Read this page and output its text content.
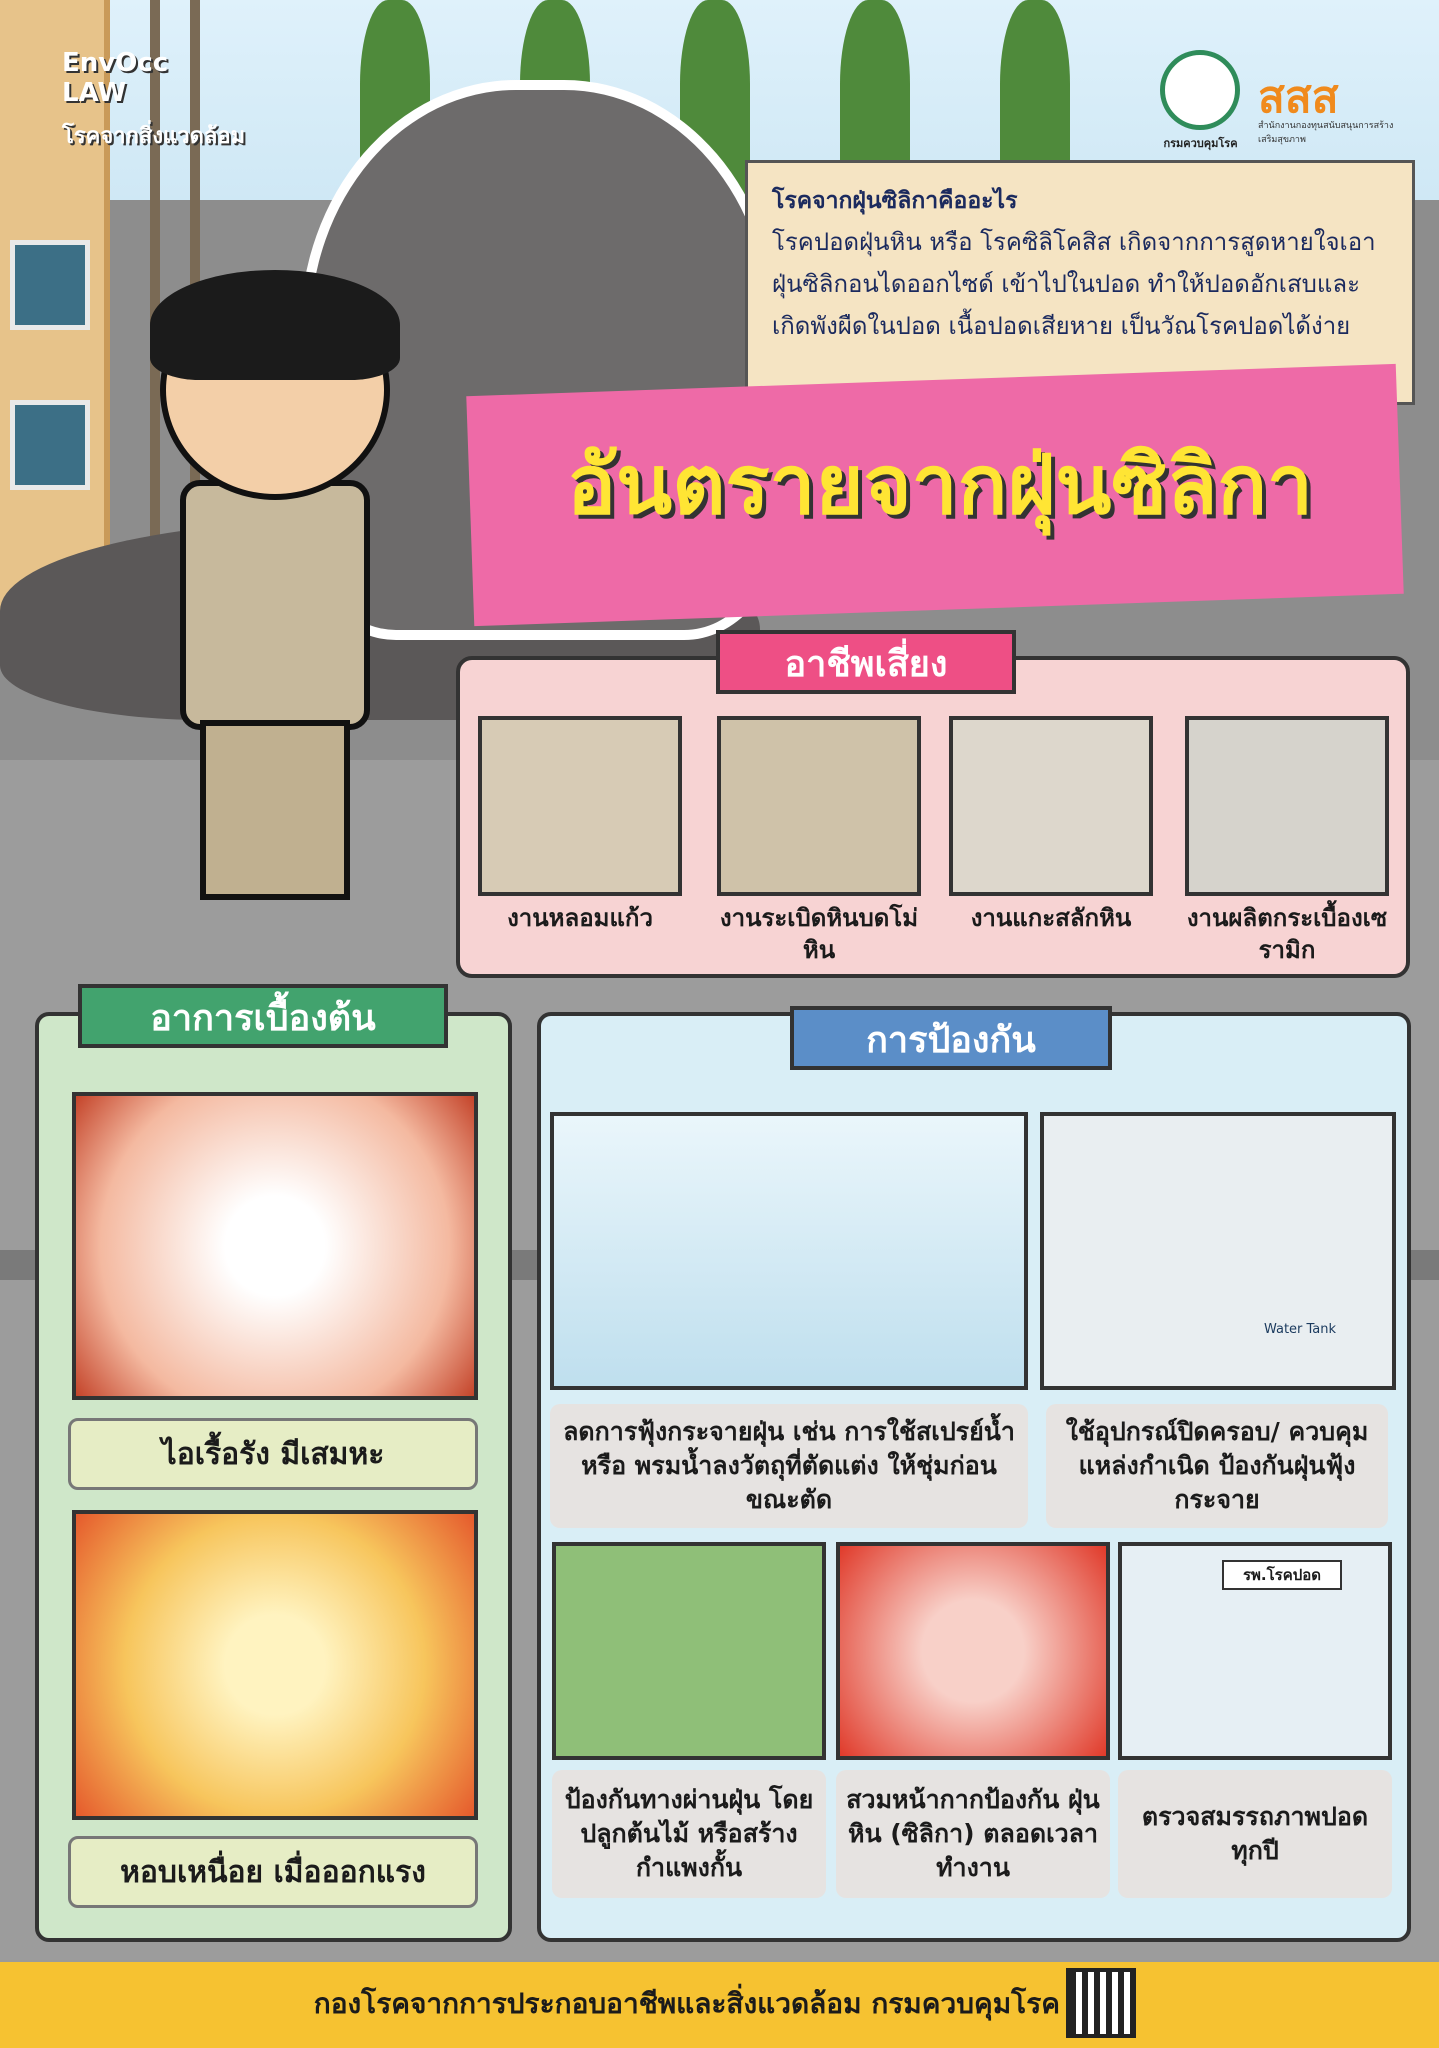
EnvOcc
LAW
โรคจากสิ่งแวดล้อม	กรมควบคุมโรค
สสส
สำนักงานกองทุนสนับสนุนการสร้างเสริมสุขภาพ
โรคจากฝุ่นซิลิกาคืออะไร
โรคปอดฝุ่นหิน หรือ โรคซิลิโคสิส เกิดจากการสูดหายใจเอาฝุ่นซิลิกอนไดออกไซด์ เข้าไปในปอด ทำให้ปอดอักเสบและเกิดพังผืดในปอด เนื้อปอดเสียหาย เป็นวัณโรคปอดได้ง่าย
อันตรายจากฝุ่นซิลิกา
อาชีพเสี่ยง
งานหลอมแก้ว	งานระเบิดหินบดโม่หิน
งานแกะสลักหิน	งานผลิตกระเบื้องเซรามิก
อาการเบื้องต้น
ไอเรื้อรัง มีเสมหะ
หอบเหนื่อย เมื่อออกแรง
การป้องกัน
Water Tank
ลดการฟุ้งกระจายฝุ่น เช่น การใช้สเปรย์น้ำ หรือ พรมน้ำลงวัตถุที่ตัดแต่ง ให้ชุ่มก่อนขณะตัด
ใช้อุปกรณ์ปิดครอบ/ ควบคุมแหล่งกำเนิด ป้องกันฝุ่นฟุ้งกระจาย
รพ.โรคปอด
ป้องกันทางผ่านฝุ่น โดยปลูกต้นไม้ หรือสร้างกำแพงกั้น
สวมหน้ากากป้องกัน ฝุ่นหิน (ซิลิกา) ตลอดเวลาทำงาน
ตรวจสมรรถภาพปอด ทุกปี
กองโรคจากการประกอบอาชีพและสิ่งแวดล้อม กรมควบคุมโรค
